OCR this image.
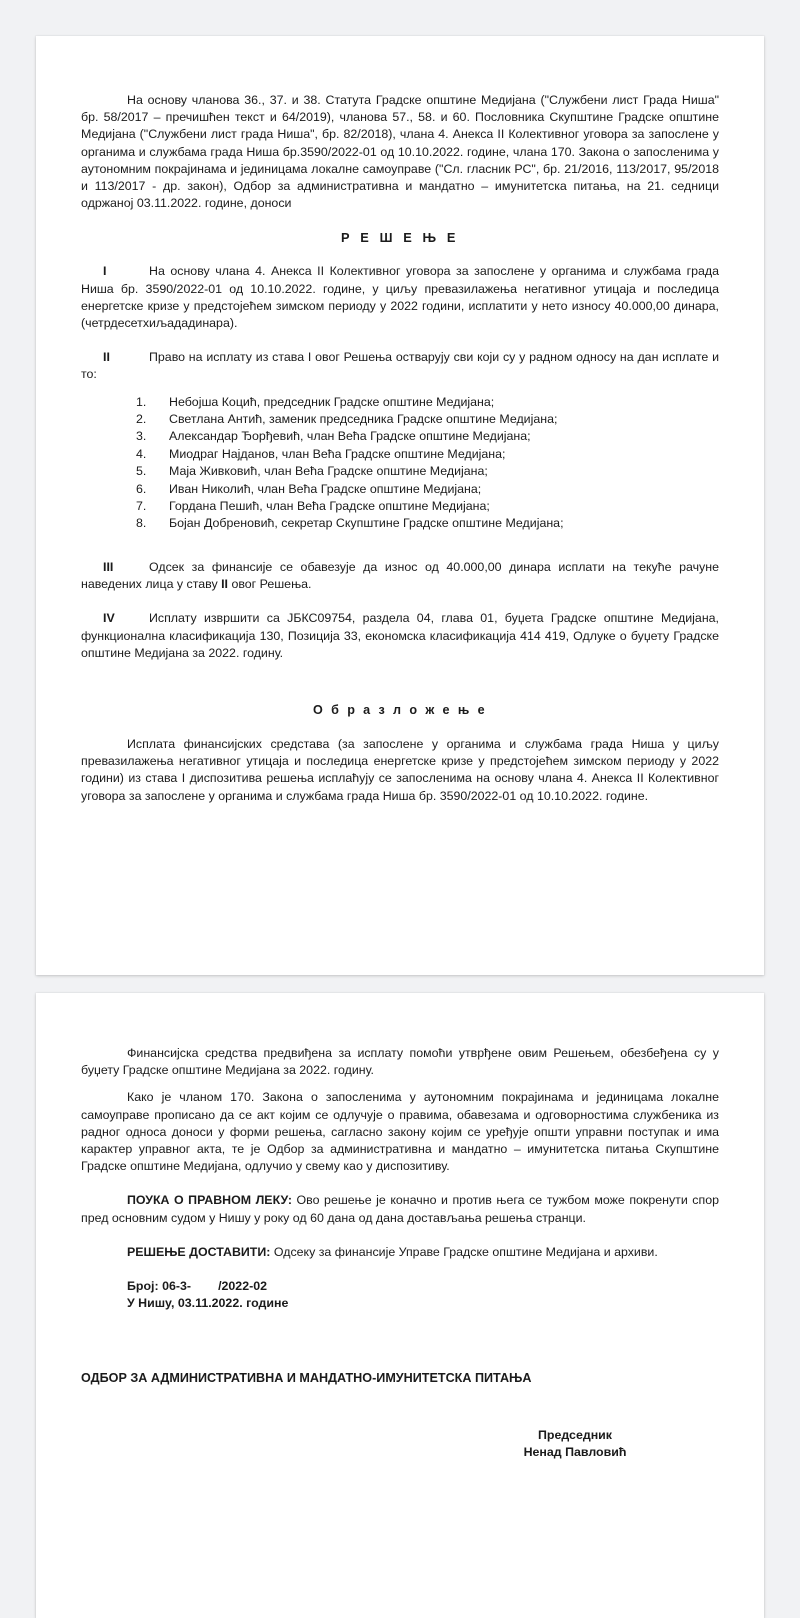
На основу чланова 36., 37. и 38. Статута Градске општине Медијана ("Службени лист Града Ниша" бр. 58/2017 – пречишћен текст и 64/2019), чланова 57., 58. и 60. Пословника Скупштине Градске општине Медијана ("Службени лист града Ниша", бр. 82/2018), члана 4. Анекса II Колективног уговора за запослене у органима и службама града Ниша бр.3590/2022-01 од 10.10.2022. године, члана 170. Закона о запосленима у аутономним покрајинама и јединицама локалне самоуправе ("Сл. гласник РС", бр. 21/2016, 113/2017, 95/2018 и 113/2017 - др. закон), Одбор за административна и мандатно – имунитетска питања, на 21. седници одржаној 03.11.2022. године, доноси

Р Е Ш Е Њ Е

I	На основу члана 4. Анекса II Колективног уговора за запослене у органима и службама града Ниша бр. 3590/2022-01 од 10.10.2022. године, у циљу превазилажења негативног утицаја и последица енергетске кризе у предстојећем зимском периоду у 2022 години, исплатити у нето износу 40.000,00 динара, (четрдесетхиљададинара).

II	Право на исплату из става I овог Решења остварују сви који су у радном односу на дан исплате и то:

1.	Небојша Коцић, председник Градске општине Медијана;
2.	Светлана Антић, заменик председника Градске општине Медијана;
3.	Александар Ђорђевић, члан Већа Градске општине Медијана;
4.	Миодраг Најданов, члан Већа Градске општине Медијана;
5.	Маја Живковић, члан Већа Градске општине Медијана;
6.	Иван Николић, члан Већа Градске општине Медијана;
7.	Гордана Пешић, члан Већа Градске општине Медијана;
8.	Бојан Добреновић, секретар Скупштине Градске општине Медијана;

III	Одсек за финансије се обавезује да износ од 40.000,00 динара исплати на текуће рачуне наведених лица у ставу II овог Решења.

IV	Исплату извршити са ЈБКС09754, раздела 04, глава 01, буџета Градске општине Медијана, функционална класификација 130, Позиција 33, економска класификација 414 419, Одлуке о буџету Градске општине Медијана за 2022. годину.

О б р а з л о ж е њ е

Исплата финансијских средстава (за запослене у органима и службама града Ниша у циљу превазилажења негативног утицаја и последица енергетске кризе у предстојећем зимском периоду у 2022 години) из става I диспозитива решења исплаћују се запосленима на основу члана 4. Анекса II Колективног уговора за запослене у органима и службама града Ниша бр. 3590/2022-01 од 10.10.2022. године.

Финансијска средства предвиђена за исплату помоћи утврђене овим Решењем, обезбеђена су у буџету Градске општине Медијана за 2022. годину.

Како је чланом 170. Закона о запосленима у аутономним покрајинама и јединицама локалне самоуправе прописано да се акт којим се одлучује о правима, обавезама и одговорностима службеника из радног односа доноси у форми решења, сагласно закону којим се уређује општи управни поступак и има карактер управног акта, те је Одбор за административна и мандатно – имунитетска питања Скупштине Градске општине Медијана, одлучио у свему као у диспозитиву.

ПОУКА О ПРАВНОМ ЛЕКУ: Ово решење је коначно и против њега се тужбом може покренути спор пред основним судом у Нишу у року од 60 дана од дана достављања решења странци.

РЕШЕЊЕ ДОСТАВИТИ: Одсеку за финансије Управе Градске општине Медијана и архиви.

Број: 06-3- /2022-02
У Нишу, 03.11.2022. године
ОДБОР ЗА АДМИНИСТРАТИВНА И МАНДАТНО-ИМУНИТЕТСКА ПИТАЊА
Председник
Ненад Павловић
